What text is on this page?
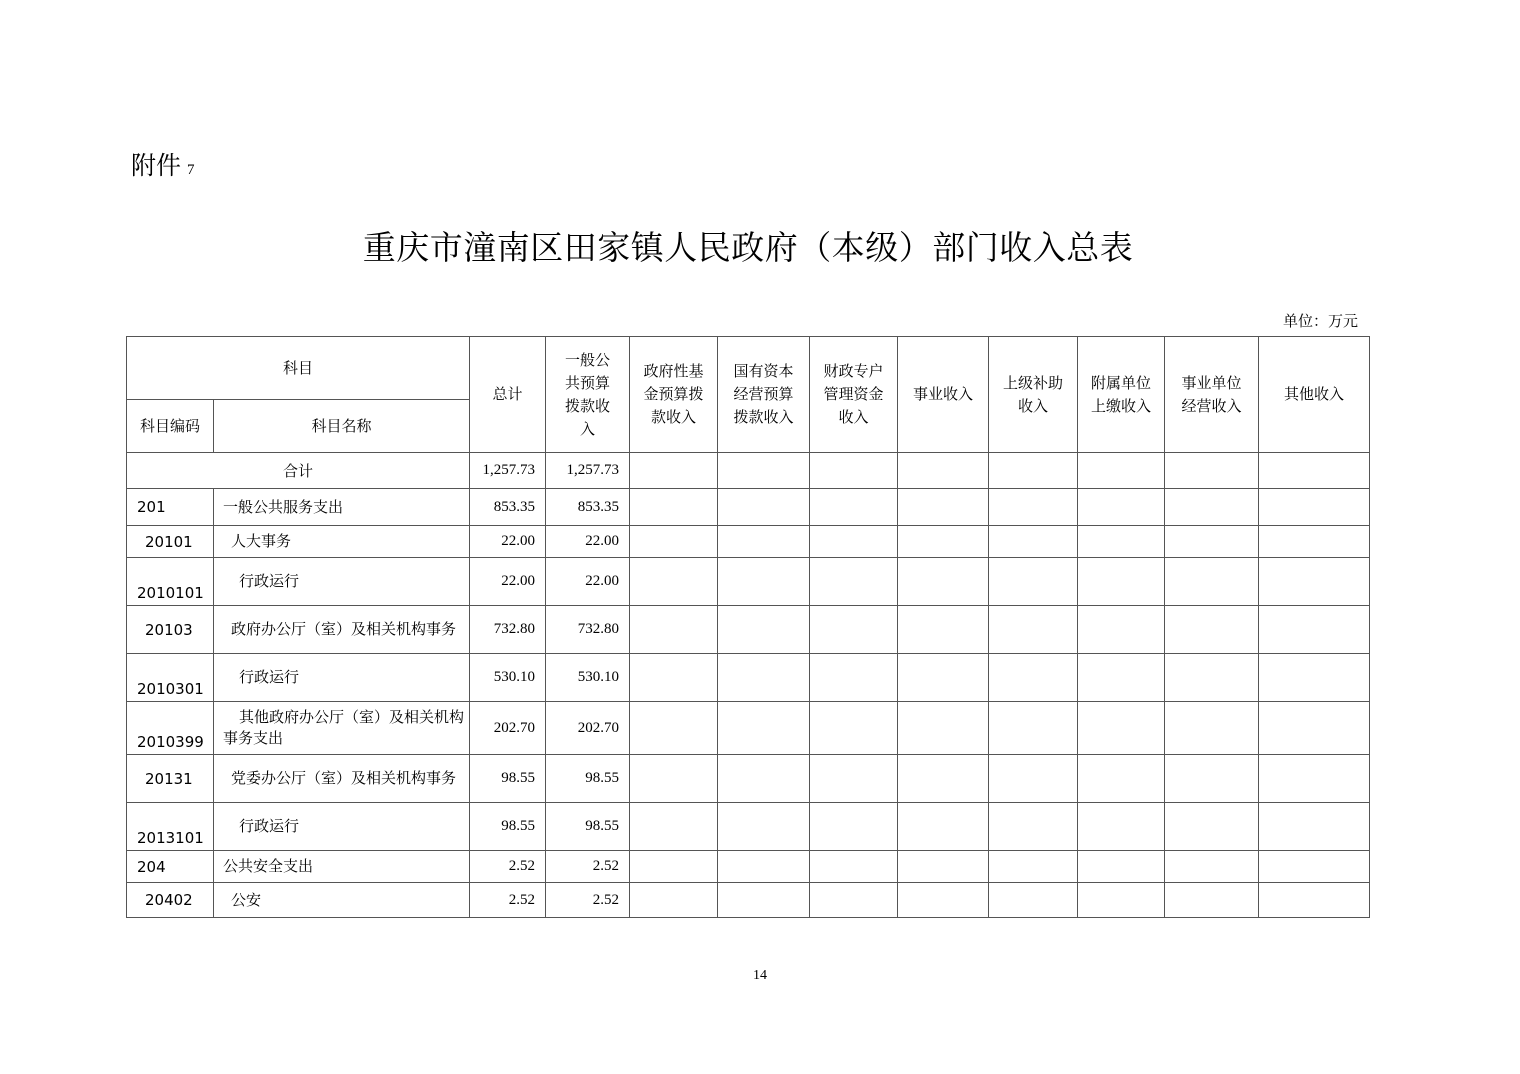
附件 7
重庆市潼南区田家镇人民政府（本级）部门收入总表
单位：万元
科目		总计	一般公共预算拨款收入	政府性基金预算拨款收入	国有资本经营预算拨款收入	财政专户管理资金收入	事业收入	上级补助收入	附属单位上缴收入	事业单位经营收入	其他收入
科目编码	科目名称										
合计		1,257.73	1,257.73								
201	一般公共服务支出	853.35	853.35								
20101	人大事务	22.00	22.00								
2010101	行政运行	22.00	22.00								
20103	政府办公厅（室）及相关机构事务	732.80	732.80								
2010301	行政运行	530.10	530.10								
2010399	其他政府办公厅（室）及相关机构事务支出	202.70	202.70								
20131	党委办公厅（室）及相关机构事务	98.55	98.55								
2013101	行政运行	98.55	98.55								
204	公共安全支出	2.52	2.52								
20402	公安	2.52	2.52								
14
